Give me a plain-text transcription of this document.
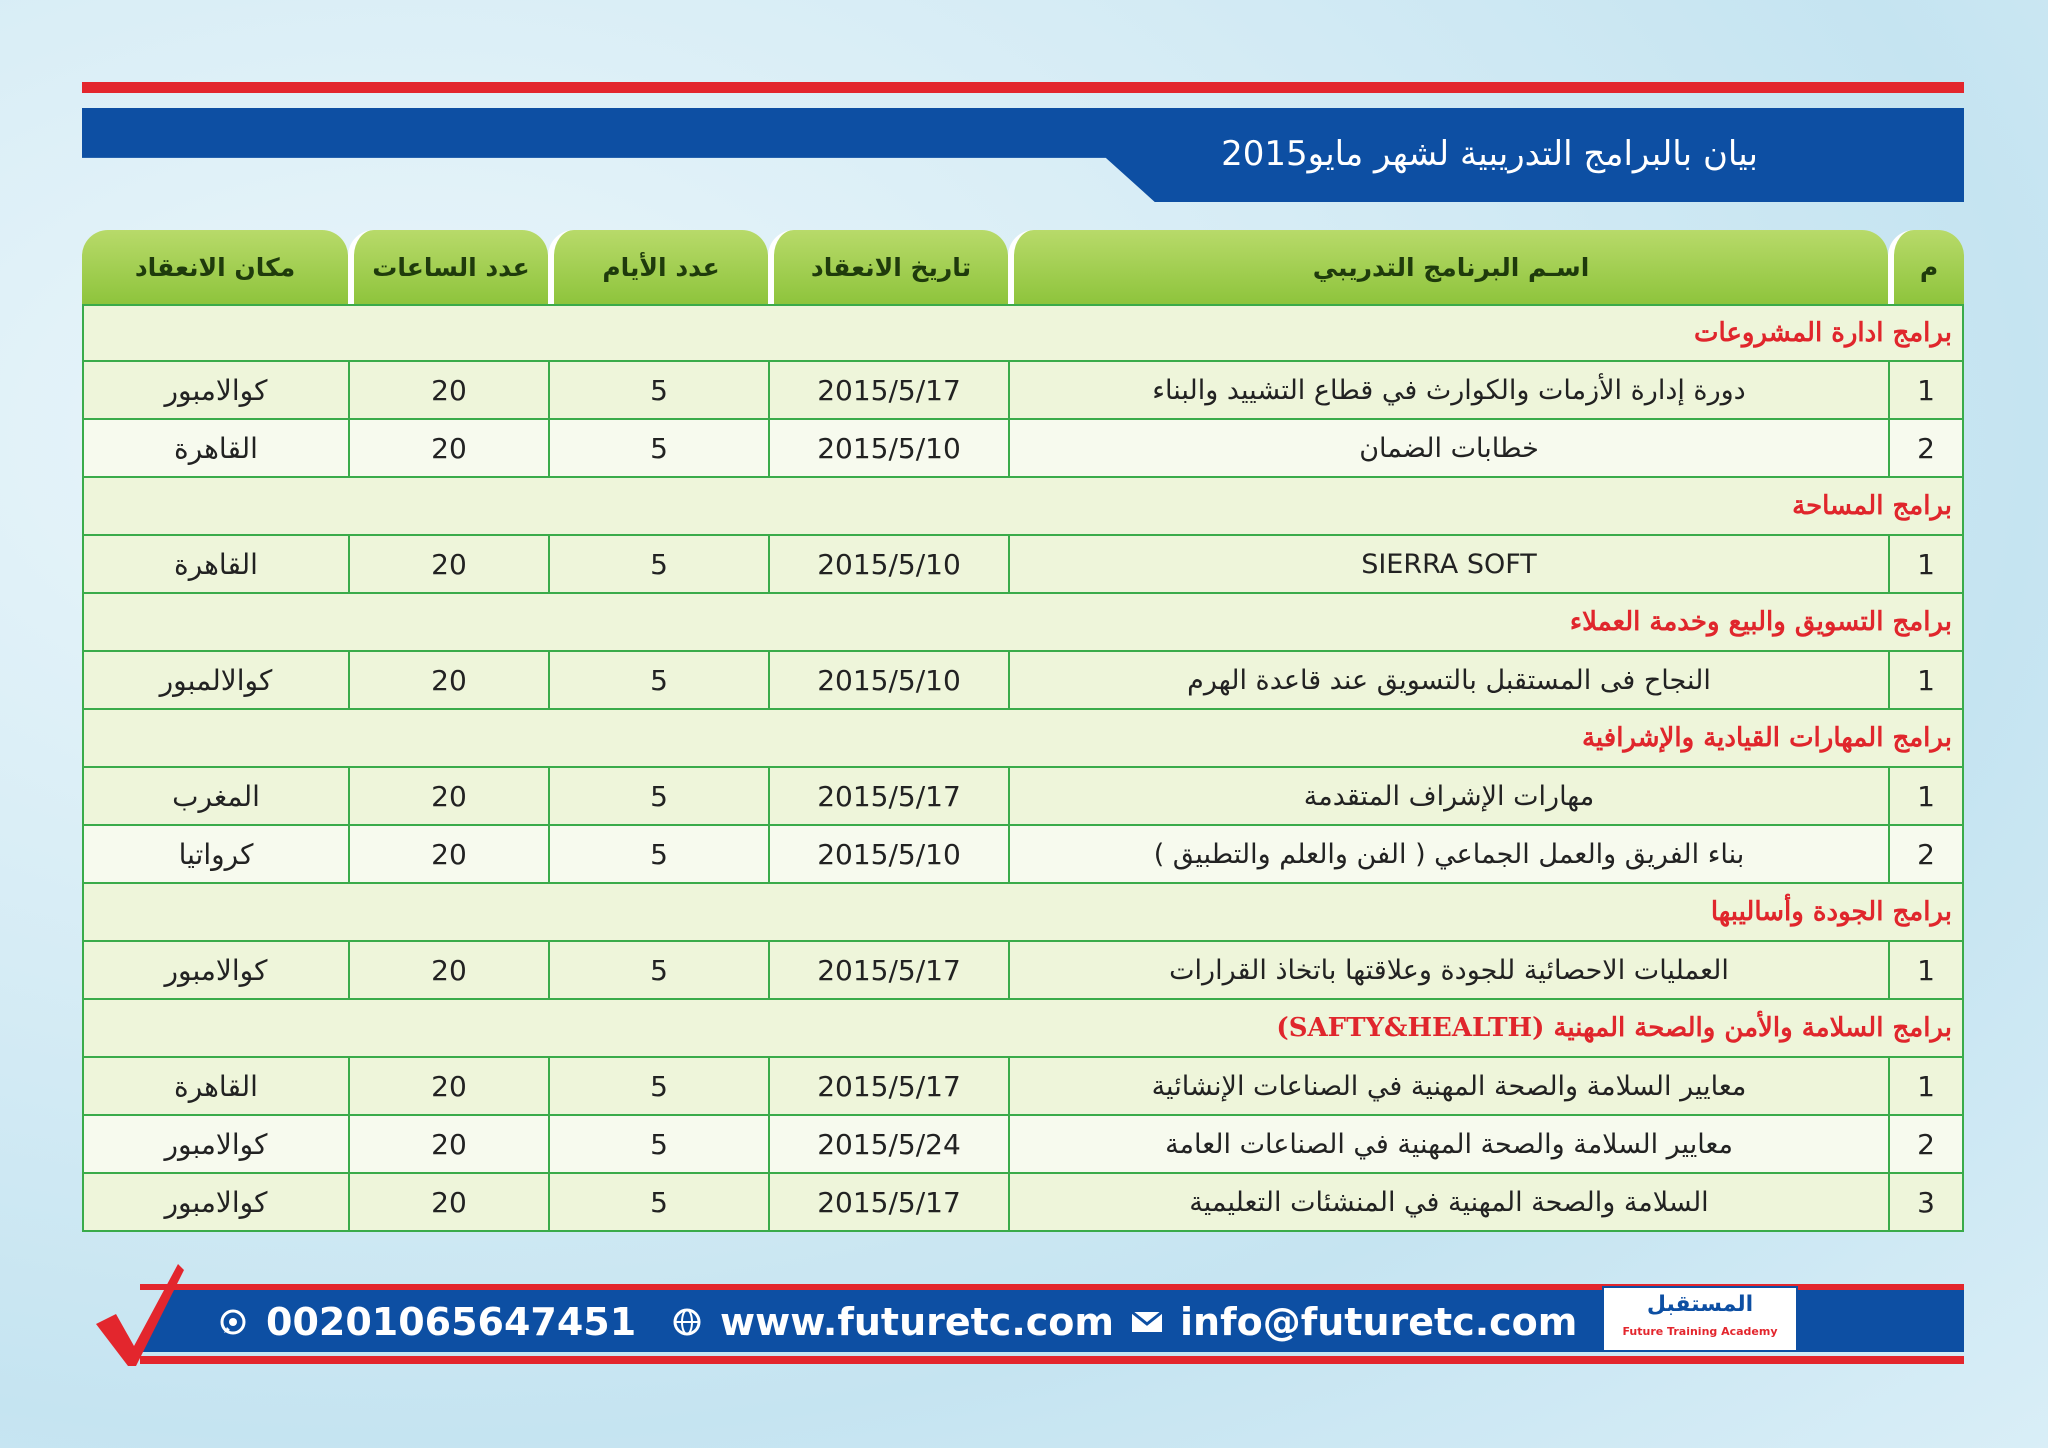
بيان بالبرامج التدريبية لشهر مايو2015
م	اسـم البرنامج التدريبي	تاريخ الانعقاد	عدد الأيام	عدد الساعات	مكان الانعقاد
برامج ادارة المشروعات					
1	دورة إدارة الأزمات والكوارث في قطاع التشييد والبناء	2015/5/17	5	20	كوالامبور
2	خطابات الضمان	2015/5/10	5	20	القاهرة
برامج المساحة					
1	SIERRA SOFT	2015/5/10	5	20	القاهرة
برامج التسويق والبيع وخدمة العملاء					
1	النجاح فى المستقبل بالتسويق عند قاعدة الهرم	2015/5/10	5	20	كوالالمبور
برامج المهارات القيادية والإشرافية					
1	مهارات الإشراف المتقدمة	2015/5/17	5	20	المغرب
2	بناء الفريق والعمل الجماعي ( الفن والعلم والتطبيق )	2015/5/10	5	20	كرواتيا
برامج الجودة وأساليبها					
1	العمليات الاحصائية للجودة وعلاقتها باتخاذ القرارات	2015/5/17	5	20	كوالامبور
برامج السلامة والأمن والصحة المهنية (SAFTY&HEALTH)					
1	معايير السلامة والصحة المهنية في الصناعات الإنشائية	2015/5/17	5	20	القاهرة
2	معايير السلامة والصحة المهنية في الصناعات العامة	2015/5/24	5	20	كوالامبور
3	السلامة والصحة المهنية في المنشئات التعليمية	2015/5/17	5	20	كوالامبور
00201065647451 www.futuretc.com info@futuretc.com	المستقبل
Future Training Academy
